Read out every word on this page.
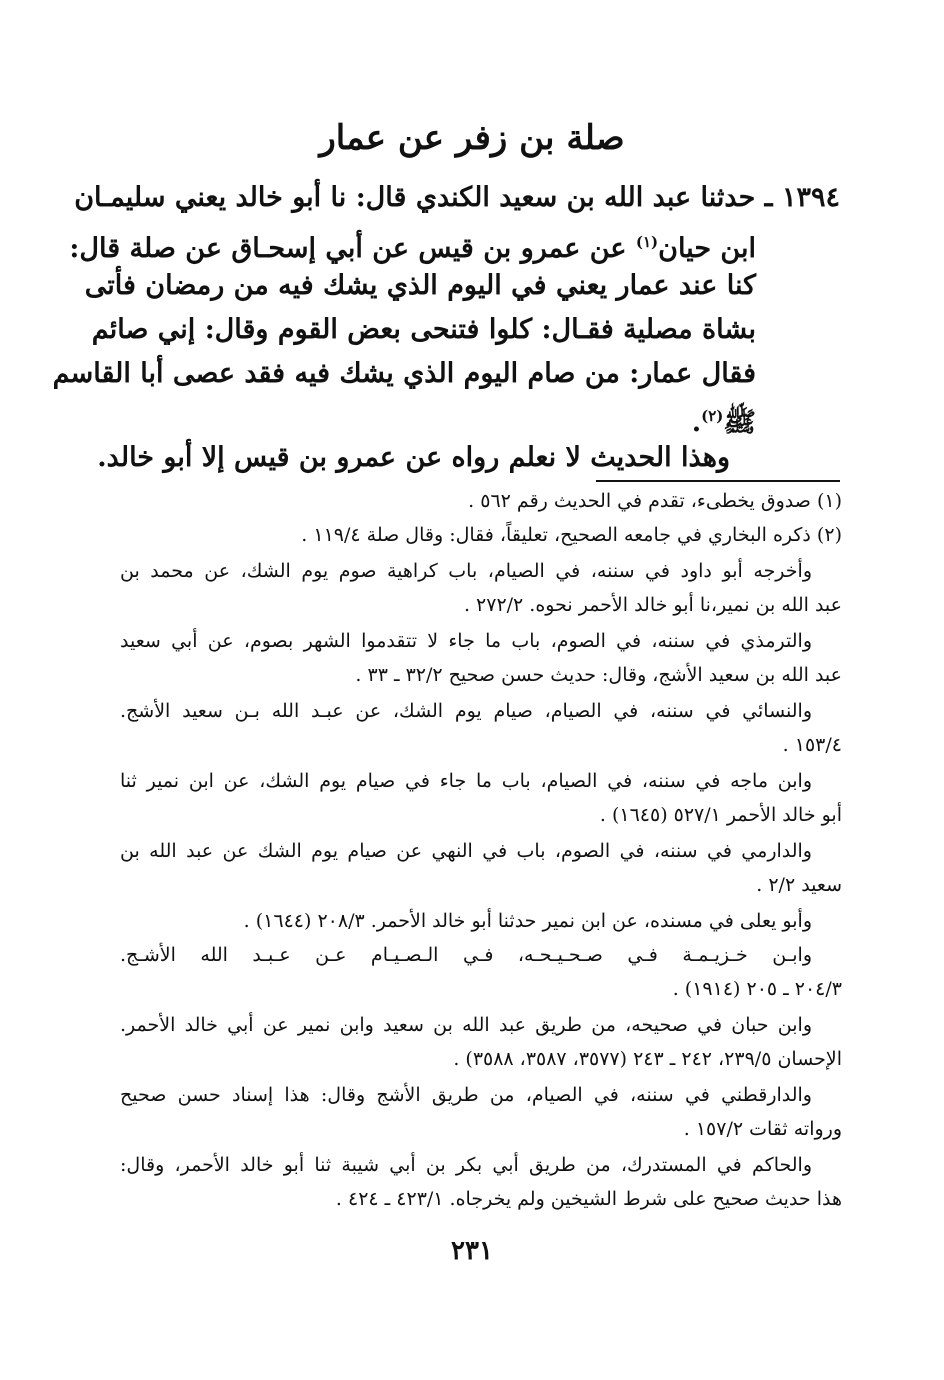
صلة بن زفر عن عمار
١٣٩٤ ـ حدثنا عبد الله بن سعيد الكندي قال: نا أبو خالد يعني سليمـان
ابن حيان$^{(١)}$ عن عمرو بن قيس عن أبي إسحـاق عن صلة قال:
كنا عند عمار يعني في اليوم الذي يشك فيه من رمضان فأتى
بشاة مصلية فقـال: كلوا فتنحى بعض القوم وقال: إني صائم
فقال عمار: من صام اليوم الذي يشك فيه فقد عصى أبا القاسم
ﷺ$^{(٢)}$.
وهذا الحديث لا نعلم رواه عن عمرو بن قيس إلا أبو خالد.
(١) صدوق يخطىء، تقدم في الحديث رقم ٥٦٢ .
(٢) ذكره البخاري في جامعه الصحيح، تعليقاً، فقال: وقال صلة ١١٩/٤ .
وأخرجه أبو داود في سننه، في الصيام، باب كراهية صوم يوم الشك، عن محمد بن
عبد الله بن نمير،نا أبو خالد الأحمر نحوه. ٢٧٢/٢ .
والترمذي في سننه، في الصوم، باب ما جاء لا تتقدموا الشهر بصوم، عن أبي سعيد
عبد الله بن سعيد الأشج، وقال: حديث حسن صحيح ٣٢/٢ ـ ٣٣ .
والنسائي في سننه، في الصيام، صيام يوم الشك، عن عبـد الله بـن سعيد الأشج.
١٥٣/٤ .
وابن ماجه في سننه، في الصيام، باب ما جاء في صيام يوم الشك، عن ابن نمير ثنا
أبو خالد الأحمر ٥٢٧/١ (١٦٤٥) .
والدارمي في سننه، في الصوم، باب في النهي عن صيام يوم الشك عن عبد الله بن
سعيد ٢/٢ .
وأبو يعلى في مسنده، عن ابن نمير حدثنا أبو خالد الأحمر. ٢٠٨/٣ (١٦٤٤) .
وابـن خـزيـمـة فـي صـحـيـحـه، فـي الـصـيـام عـن عـبـد الله الأشـج.
٢٠٤/٣ ـ ٢٠٥ (١٩١٤) .
وابن حبان في صحيحه، من طريق عبد الله بن سعيد وابن نمير عن أبي خالد الأحمر.
الإحسان ٢٣٩/٥، ٢٤٢ ـ ٢٤٣ (٣٥٧٧، ٣٥٨٧، ٣٥٨٨) .
والدارقطني في سننه، في الصيام، من طريق الأشج وقال: هذا إسناد حسن صحيح
ورواته ثقات ١٥٧/٢ .
والحاكم في المستدرك، من طريق أبي بكر بن أبي شيبة ثنا أبو خالد الأحمر، وقال:
هذا حديث صحيح على شرط الشيخين ولم يخرجاه. ٤٢٣/١ ـ ٤٢٤ .
٢٣١
